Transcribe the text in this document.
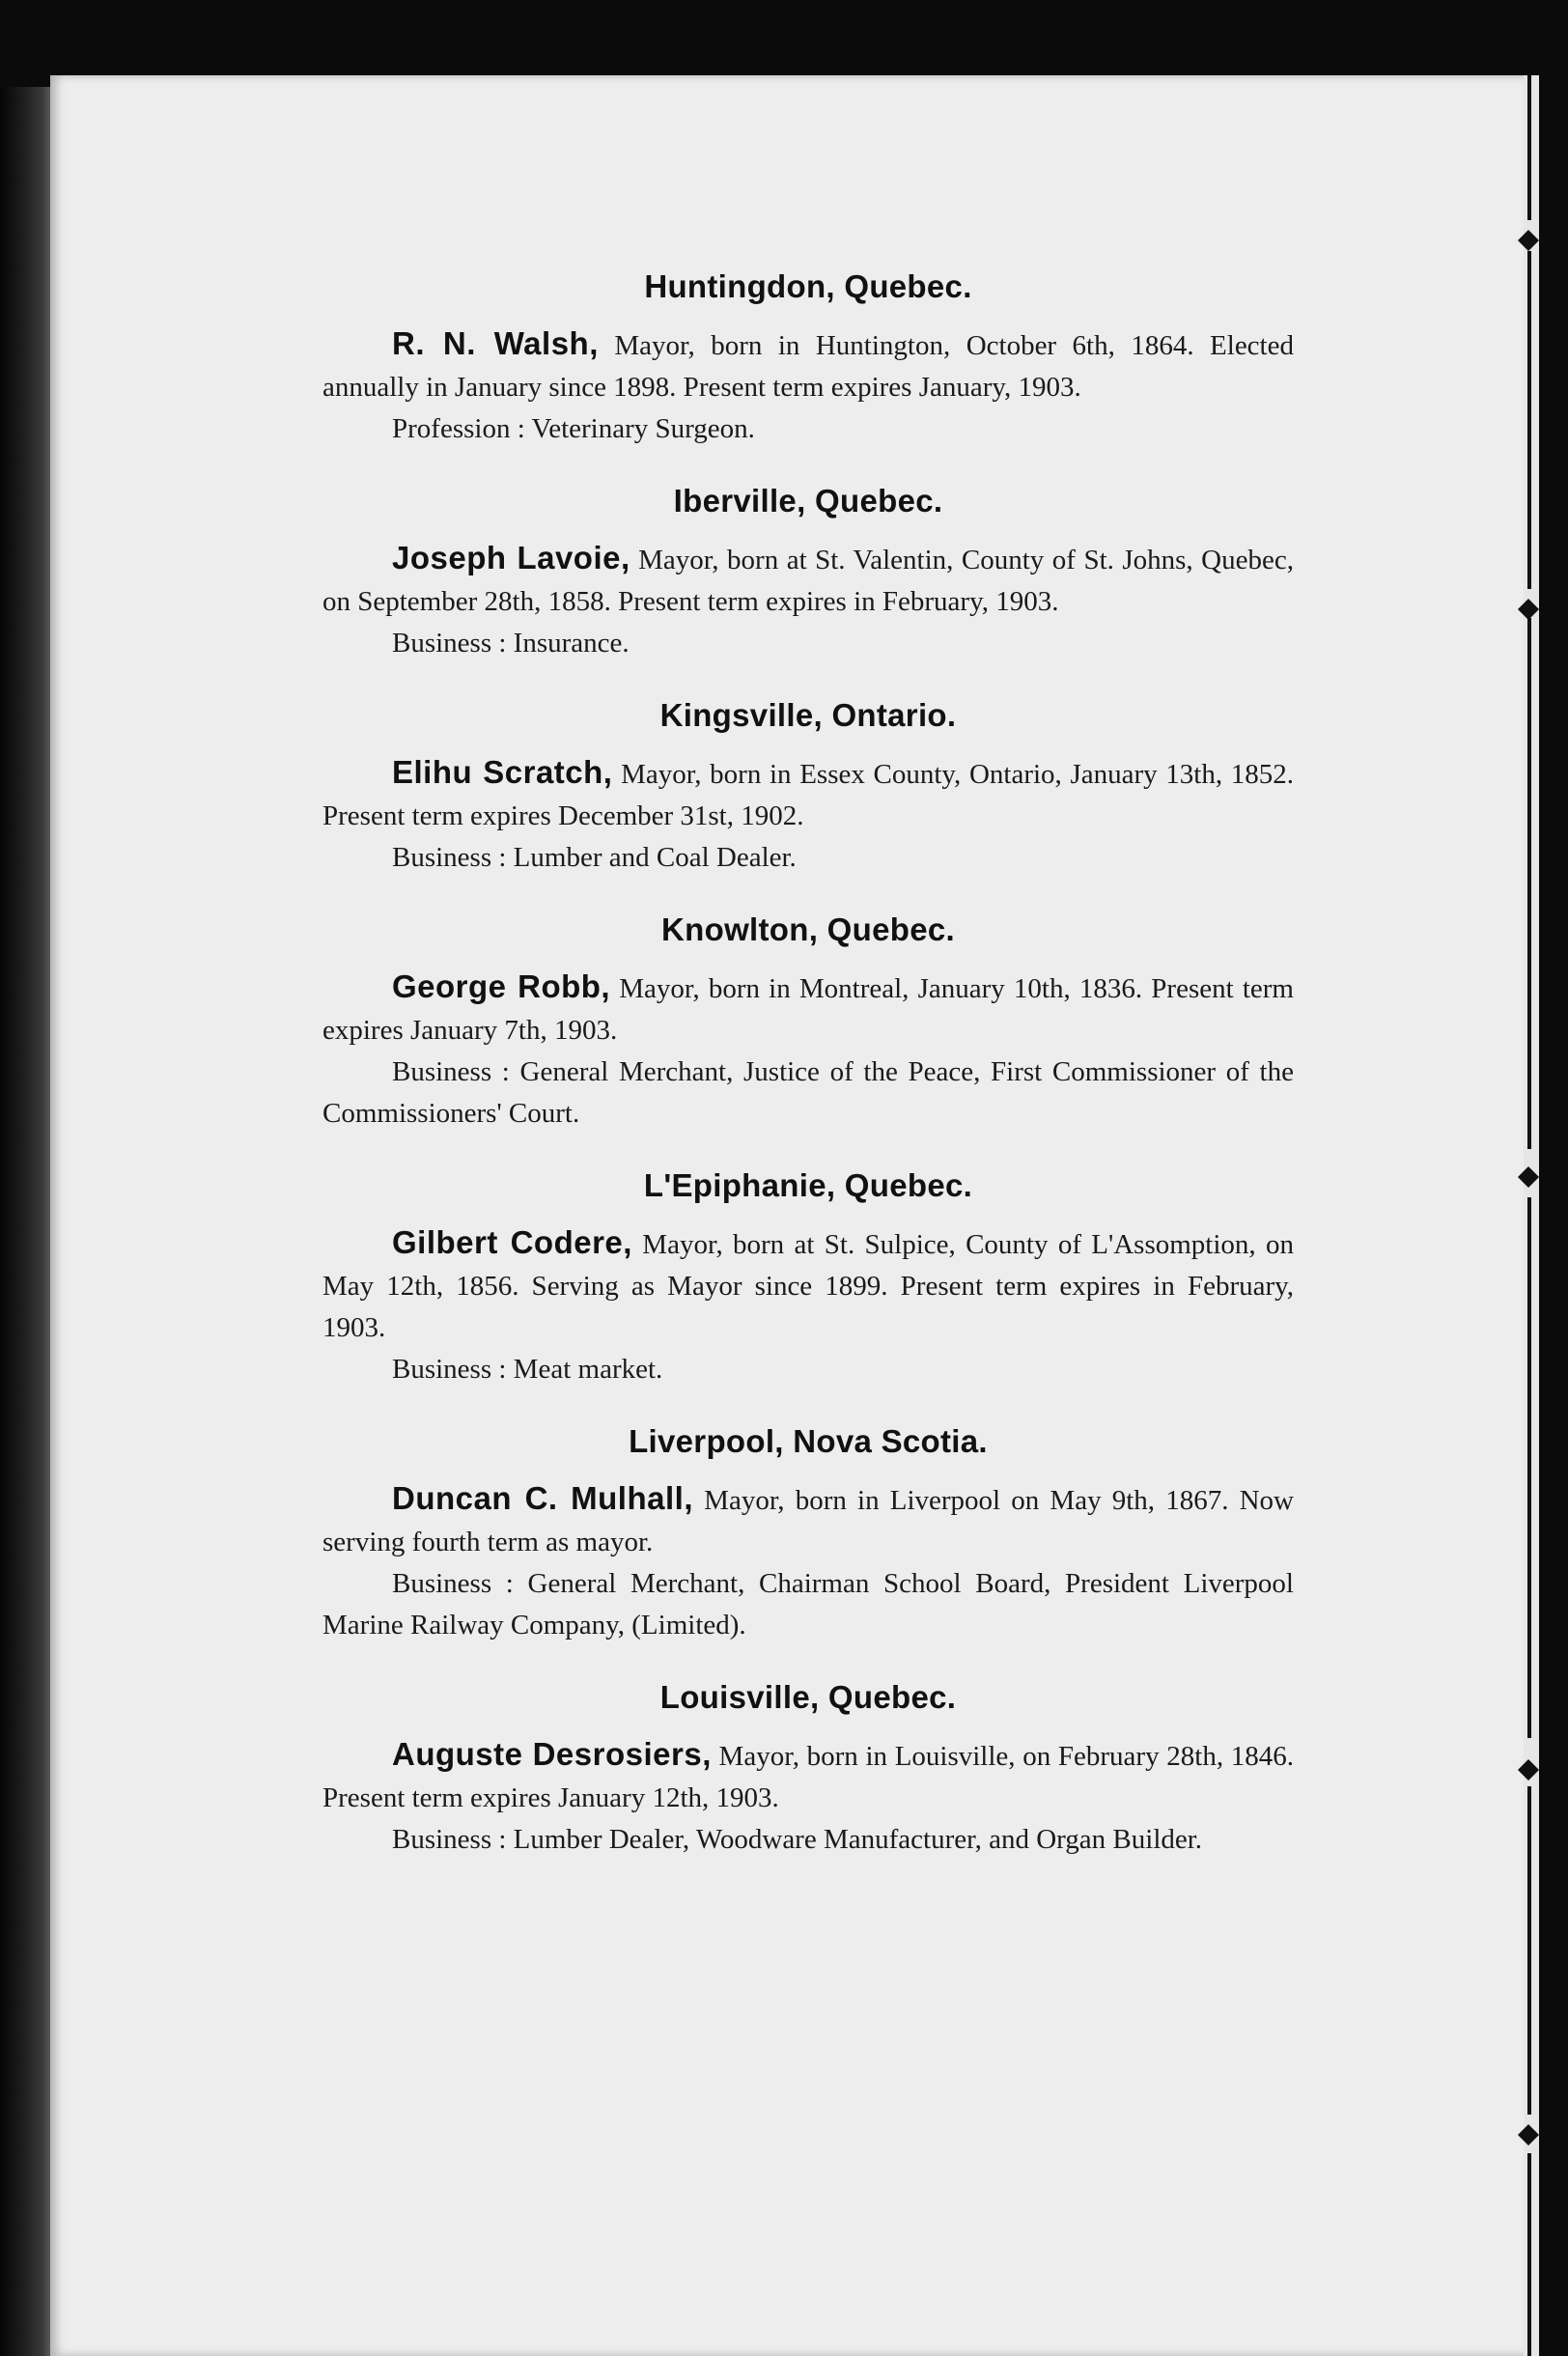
Huntingdon, Quebec.

R. N. Walsh, Mayor, born in Huntington, October 6th, 1864. Elected annually in January since 1898. Present term expires January, 1903.

Profession : Veterinary Surgeon.

Iberville, Quebec.

Joseph Lavoie, Mayor, born at St. Valentin, County of St. Johns, Quebec, on September 28th, 1858. Present term expires in February, 1903.

Business : Insurance.

Kingsville, Ontario.

Elihu Scratch, Mayor, born in Essex County, Ontario, January 13th, 1852. Present term expires December 31st, 1902.

Business : Lumber and Coal Dealer.

Knowlton, Quebec.

George Robb, Mayor, born in Montreal, January 10th, 1836. Present term expires January 7th, 1903.

Business : General Merchant, Justice of the Peace, First Commissioner of the Commissioners' Court.

L'Epiphanie, Quebec.

Gilbert Codere, Mayor, born at St. Sulpice, County of L'Assomption, on May 12th, 1856. Serving as Mayor since 1899. Present term expires in February, 1903.

Business : Meat market.

Liverpool, Nova Scotia.

Duncan C. Mulhall, Mayor, born in Liverpool on May 9th, 1867. Now serving fourth term as mayor.

Business : General Merchant, Chairman School Board, President Liverpool Marine Railway Company, (Limited).

Louisville, Quebec.

Auguste Desrosiers, Mayor, born in Louisville, on February 28th, 1846. Present term expires January 12th, 1903.

Business : Lumber Dealer, Woodware Manufacturer, and Organ Builder.
